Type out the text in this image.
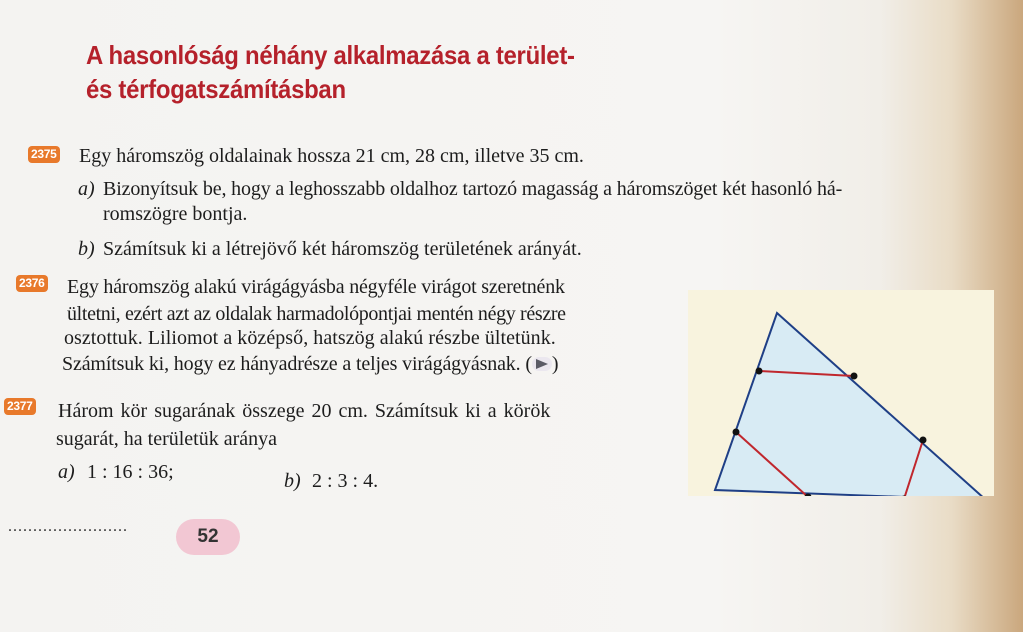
A hasonlóság néhány alkalmazása a terület-
és térfogatszámításban
2375 Egy háromszög oldalainak hossza 21 cm, 28 cm, illetve 35 cm.
a) Bizonyítsuk be, hogy a leghosszabb oldalhoz tartozó magasság a háromszöget két hasonló há-
romszögre bontja.
b) Számítsuk ki a létrejövő két háromszög területének arányát.
2376 Egy háromszög alakú virágágyásba négyféle virágot szeretnénk
ültetni, ezért azt az oldalak harmadolópontjai mentén négy részre
osztottuk. Liliomot a középső, hatszög alakú részbe ültetünk.
Számítsuk ki, hogy ez hányadrésze a teljes virágágyásnak. ( )
2377 Három kör sugarának összege 20 cm. Számítsuk ki a körök
sugarát, ha területük aránya
a) 1 : 16 : 36;	b) 2 : 3 : 4.
........................	52
